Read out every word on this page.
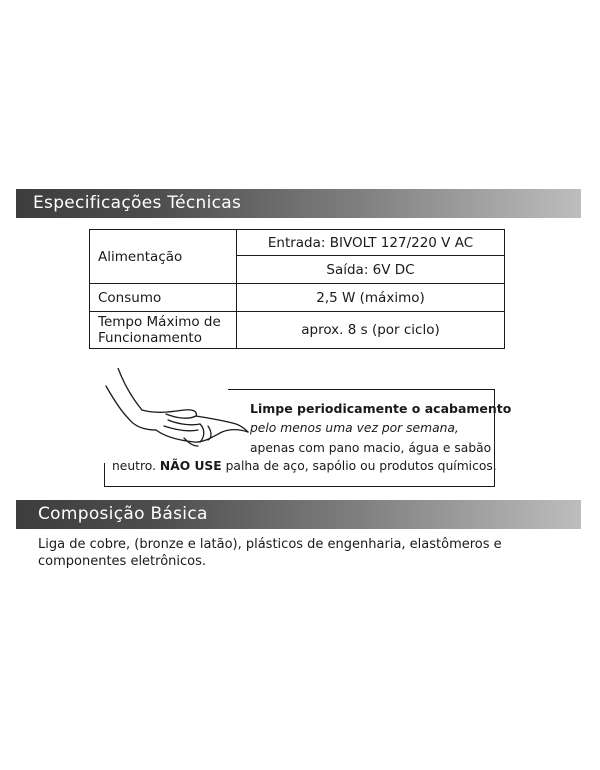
Especificações Técnicas
Alimentação	Entrada: BIVOLT 127/220 V AC
	Saída: 6V DC
Consumo	2,5 W (máximo)
Tempo Máximo de
Funcionamento	aprox. 8 s (por ciclo)
Limpe periodicamente o acabamento
pelo menos uma vez por semana,
apenas com pano macio, água e sabão
neutro. NÃO USE palha de aço, sapólio ou produtos químicos.
Composição Básica
Liga de cobre, (bronze e latão), plásticos de engenharia, elastômeros e componentes eletrônicos.
